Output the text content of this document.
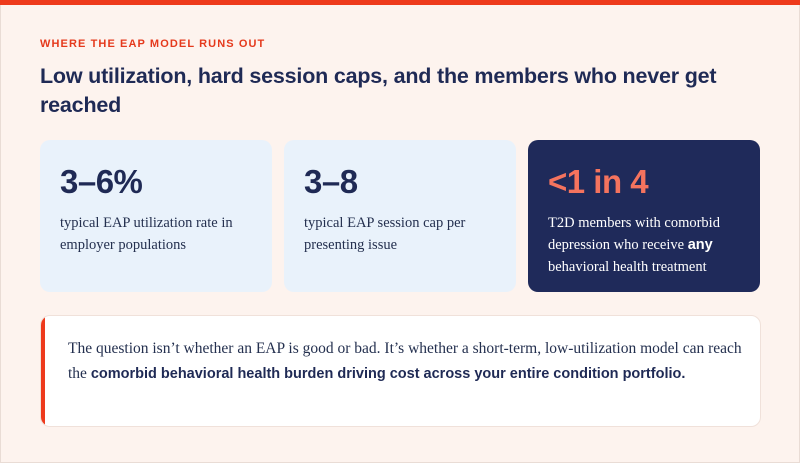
WHERE THE EAP MODEL RUNS OUT
Low utilization, hard session caps, and the members who never get reached
3–6%
typical EAP utilization rate in employer populations
3–8
typical EAP session cap per presenting issue
<1 in 4
T2D members with comorbid depression who receive any behavioral health treatment

The question isn’t whether an EAP is good or bad. It’s whether a short-term, low-utilization model can reach the comorbid behavioral health burden driving cost across your entire condition portfolio.
